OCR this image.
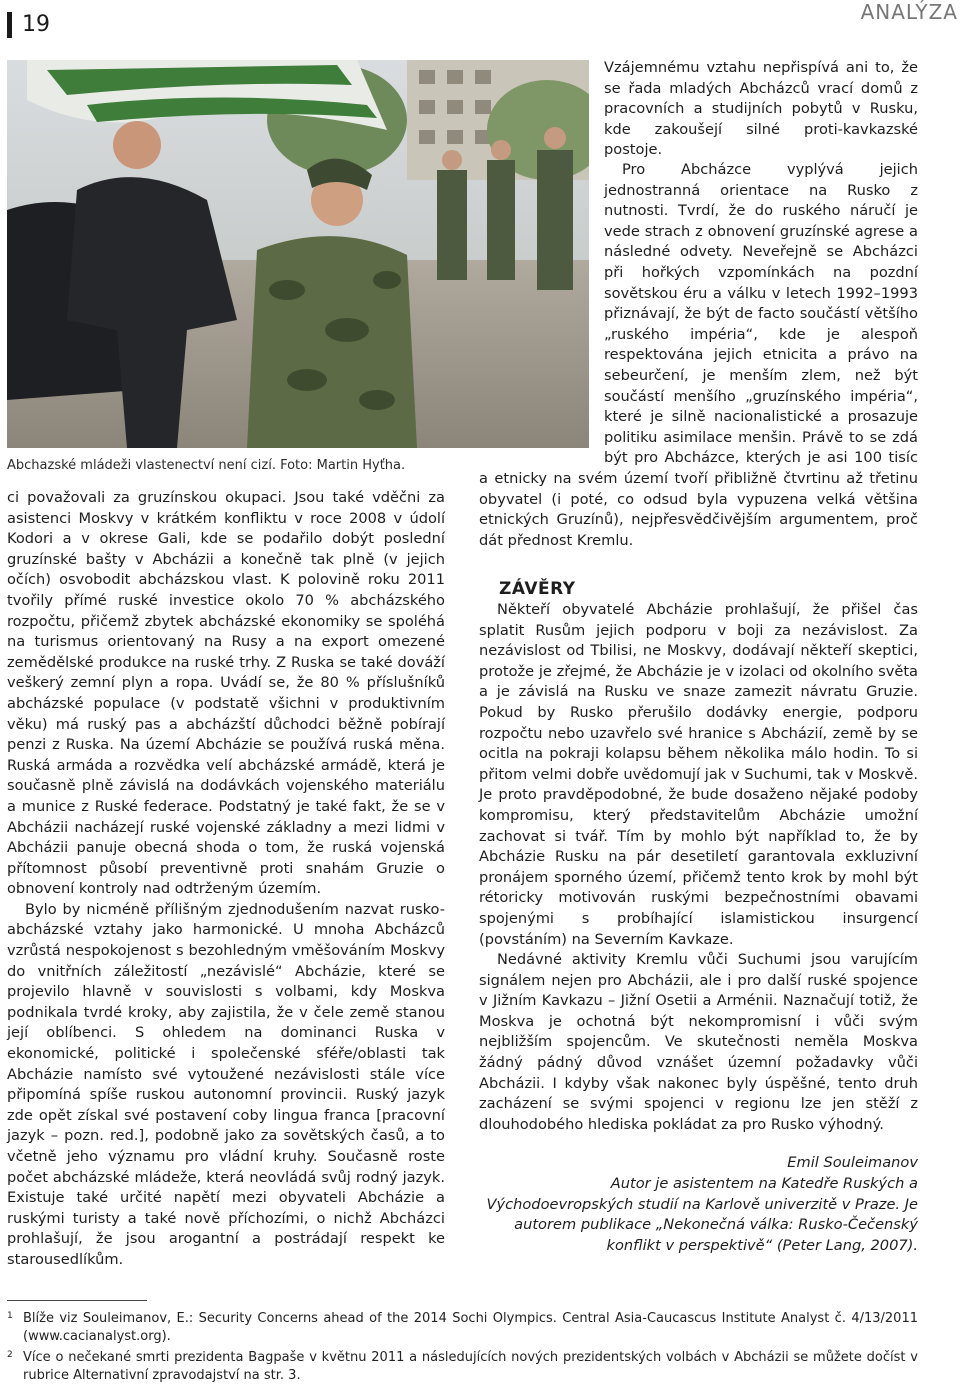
19	ANALÝZA
Abchazské mládeži vlastenectví není cizí. Foto: Martin Hyťha.

Vzájemnému vztahu nepřispívá ani to, že se řada mladých Abcházců vrací domů z pracovních a studijních pobytů v Rusku, kde zakoušejí silné proti-kavkazské postoje.

Pro Abcházce vyplývá jejich jednostranná orientace na Rusko z nutnosti. Tvrdí, že do ruského náručí je vede strach z obnovení gruzínské agrese a následné odvety. Neveřejně se Abcházci při hořkých vzpomínkách na pozdní sovětskou éru a válku v letech 1992–1993 přiznávají, že být de facto součástí většího „ruského impéria“, kde je alespoň respektována jejich etnicita a právo na sebeurčení, je menším zlem, než být součástí menšího „gruzínského impéria“, které je silně nacionalistické a prosazuje politiku asimilace menšin. Právě to se zdá být pro Abcházce, kterých je asi 100 tisíc a etnicky na svém území tvoří přibližně čtvrtinu až třetinu obyvatel (i poté, co odsud byla vypuzena velká většina etnických Gruzínů), nejpřesvědčivějším argumentem, proč dát přednost Kremlu.

ci považovali za gruzínskou okupaci. Jsou také vděčni za asistenci Moskvy v krátkém konfliktu v roce 2008 v údolí Kodori a v okrese Gali, kde se podařilo dobýt poslední gruzínské bašty v Abcházii a konečně tak plně (v jejich očích) osvobodit abcházskou vlast. K polovině roku 2011 tvořily přímé ruské investice okolo 70 % abcházského rozpočtu, přičemž zbytek abcházské ekonomiky se spoléhá na turismus orientovaný na Rusy a na export omezené zemědělské produkce na ruské trhy. Z Ruska se také dováží veškerý zemní plyn a ropa. Uvádí se, že 80 % příslušníků abcházské populace (v podstatě všichni v produktivním věku) má ruský pas a abcházští důchodci běžně pobírají penzi z Ruska. Na území Abcházie se používá ruská měna. Ruská armáda a rozvědka velí abcházské armádě, která je současně plně závislá na dodávkách vojenského materiálu a munice z Ruské federace. Podstatný je také fakt, že se v Abcházii nacházejí ruské vojenské základny a mezi lidmi v Abcházii panuje obecná shoda o tom, že ruská vojenská přítomnost působí preventivně proti snahám Gruzie o obnovení kontroly nad odtrženým územím.

Bylo by nicméně přílišným zjednodušením nazvat rusko-abcházské vztahy jako harmonické. U mnoha Abcházců vzrůstá nespokojenost s bezohledným vměšováním Moskvy do vnitřních záležitostí „nezávislé“ Abcházie, které se projevilo hlavně v souvislosti s volbami, kdy Moskva podnikala tvrdé kroky, aby zajistila, že v čele země stanou její oblíbenci. S ohledem na dominanci Ruska v ekonomické, politické i společenské sféře/oblasti tak Abcházie namísto své vytoužené nezávislosti stále více připomíná spíše ruskou autonomní provincii. Ruský jazyk zde opět získal své postavení coby lingua franca [pracovní jazyk – pozn. red.], podobně jako za sovětských časů, a to včetně jeho významu pro vládní kruhy. Současně roste počet abcházské mládeže, která neovládá svůj rodný jazyk. Existuje také určité napětí mezi obyvateli Abcházie a ruskými turisty a také nově příchozími, o nichž Abcházci prohlašují, že jsou arogantní a postrádají respekt ke starousedlíkům.

ZÁVĚRY

Někteří obyvatelé Abcházie prohlašují, že přišel čas splatit Rusům jejich podporu v boji za nezávislost. Za nezávislost od Tbilisi, ne Moskvy, dodávají někteří skeptici, protože je zřejmé, že Abcházie je v izolaci od okolního světa a je závislá na Rusku ve snaze zamezit návratu Gruzie. Pokud by Rusko přerušilo dodávky energie, podporu rozpočtu nebo uzavřelo své hranice s Abcházií, země by se ocitla na pokraji kolapsu během několika málo hodin. To si přitom velmi dobře uvědomují jak v Suchumi, tak v Moskvě. Je proto pravděpodobné, že bude dosaženo nějaké podoby kompromisu, který představitelům Abcházie umožní zachovat si tvář. Tím by mohlo být například to, že by Abcházie Rusku na pár desetiletí garantovala exkluzivní pronájem sporného území, přičemž tento krok by mohl být rétoricky motivován ruskými bezpečnostními obavami spojenými s probíhající islamistickou insurgencí (povstáním) na Severním Kavkaze.

Nedávné aktivity Kremlu vůči Suchumi jsou varujícím signálem nejen pro Abcházii, ale i pro další ruské spojence v Jižním Kavkazu – Jižní Osetii a Arménii. Naznačují totiž, že Moskva je ochotná být nekompromisní i vůči svým nejbližším spojencům. Ve skutečnosti neměla Moskva žádný pádný důvod vznášet územní požadavky vůči Abcházii. I kdyby však nakonec byly úspěšné, tento druh zacházení se svými spojenci v regionu lze jen stěží z dlouhodobého hlediska pokládat za pro Rusko výhodný.

Emil Souleimanov
Autor je asistentem na Katedře Ruských a Východoevropských studií na Karlově univerzitě v Praze. Je autorem publikace „Nekonečná válka: Rusko-Čečenský konflikt v perspektivě“ (Peter Lang, 2007).
1 Blíže viz Souleimanov, E.: Security Concerns ahead of the 2014 Sochi Olympics. Central Asia-Caucascus Institute Analyst č. 4/13/2011 (www.cacianalyst.org).
2 Více o nečekané smrti prezidenta Bagpaše v květnu 2011 a následujících nových prezidentských volbách v Abcházii se můžete dočíst v rubrice Alternativní zpravodajství na str. 3.
